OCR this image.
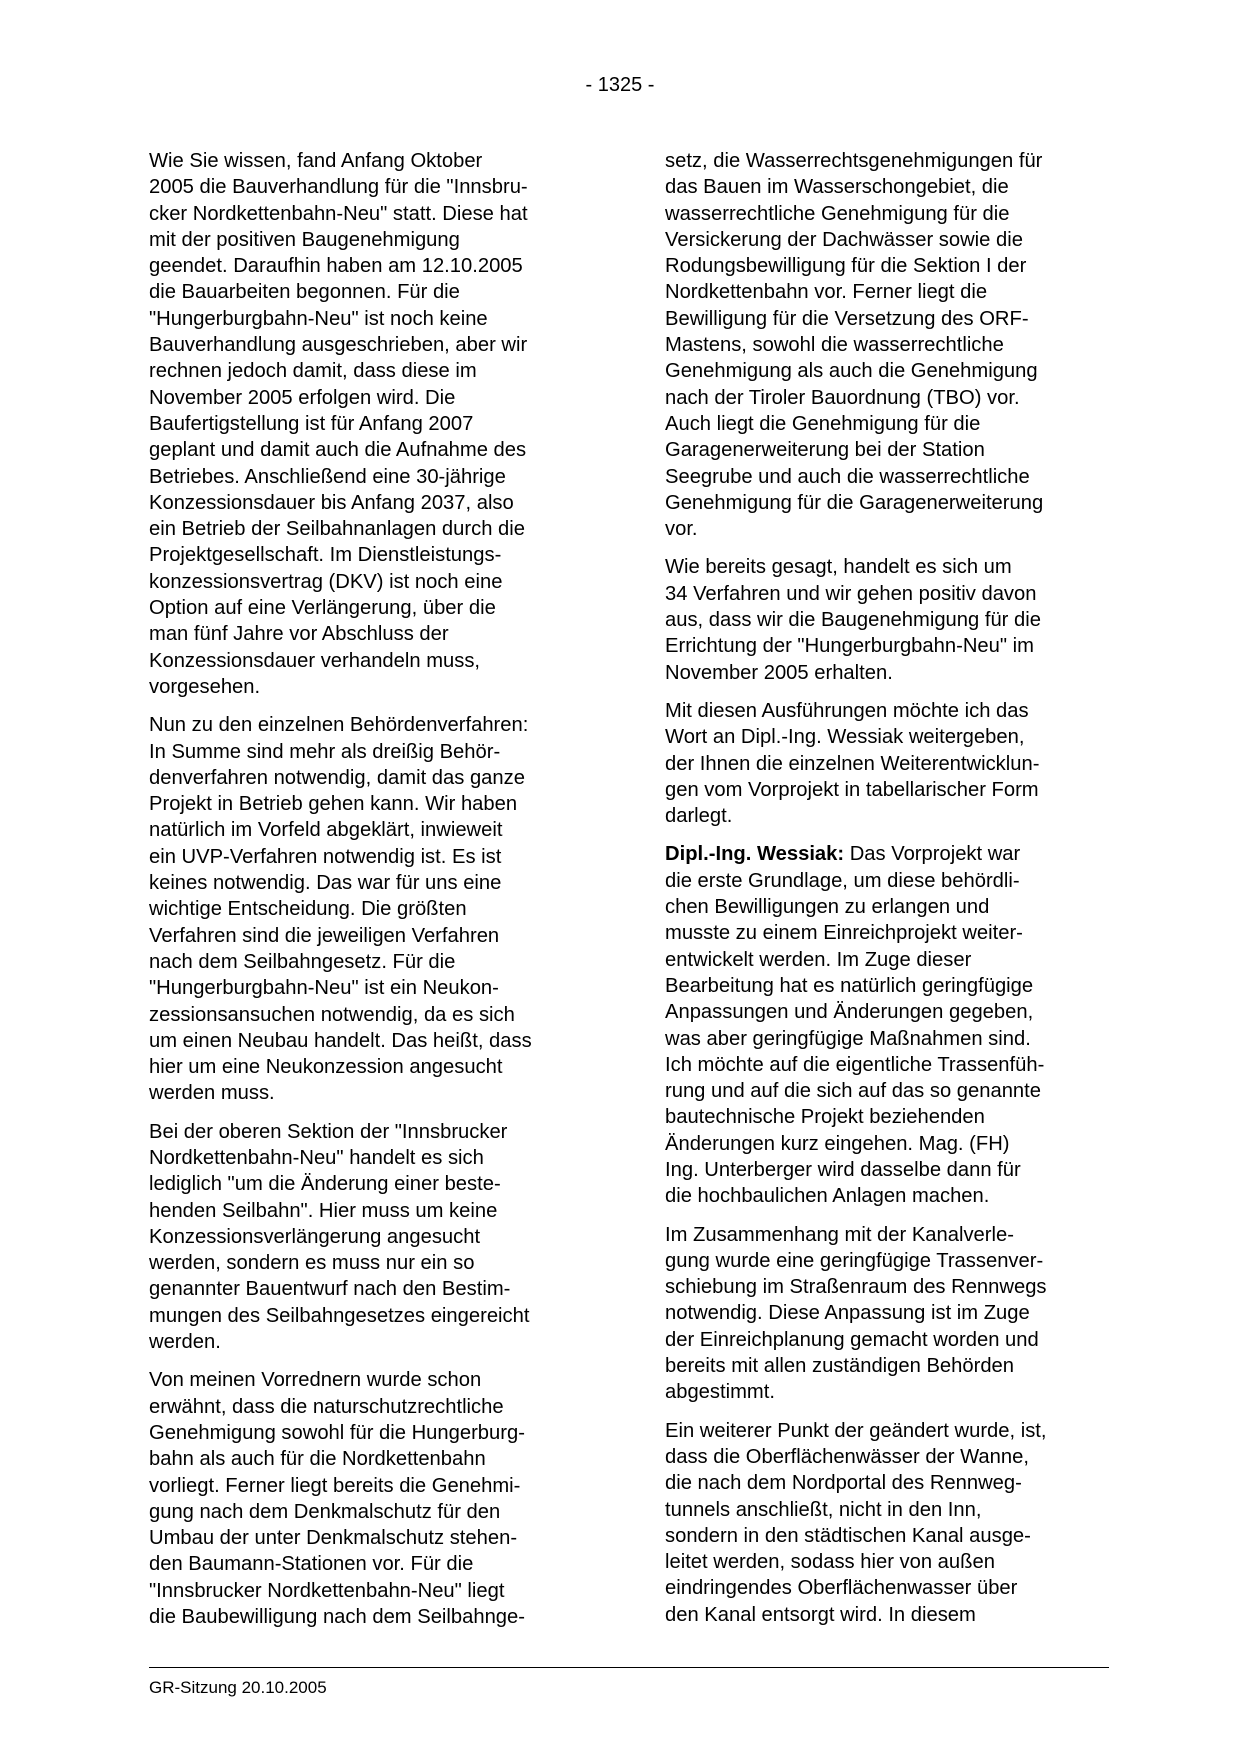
- 1325 -
Wie Sie wissen, fand Anfang Oktober
2005 die Bauverhandlung für die "Innsbru-
cker Nordkettenbahn-Neu" statt. Diese hat
mit der positiven Baugenehmigung
geendet. Daraufhin haben am 12.10.2005
die Bauarbeiten begonnen. Für die
"Hungerburgbahn-Neu" ist noch keine
Bauverhandlung ausgeschrieben, aber wir
rechnen jedoch damit, dass diese im
November 2005 erfolgen wird. Die
Baufertigstellung ist für Anfang 2007
geplant und damit auch die Aufnahme des
Betriebes. Anschließend eine 30-jährige
Konzessionsdauer bis Anfang 2037, also
ein Betrieb der Seilbahnanlagen durch die
Projektgesellschaft. Im Dienstleistungs-
konzessionsvertrag (DKV) ist noch eine
Option auf eine Verlängerung, über die
man fünf Jahre vor Abschluss der
Konzessionsdauer verhandeln muss,
vorgesehen.
Nun zu den einzelnen Behördenverfahren:
In Summe sind mehr als dreißig Behör-
denverfahren notwendig, damit das ganze
Projekt in Betrieb gehen kann. Wir haben
natürlich im Vorfeld abgeklärt, inwieweit
ein UVP-Verfahren notwendig ist. Es ist
keines notwendig. Das war für uns eine
wichtige Entscheidung. Die größten
Verfahren sind die jeweiligen Verfahren
nach dem Seilbahngesetz. Für die
"Hungerburgbahn-Neu" ist ein Neukon-
zessionsansuchen notwendig, da es sich
um einen Neubau handelt. Das heißt, dass
hier um eine Neukonzession angesucht
werden muss.
Bei der oberen Sektion der "Innsbrucker
Nordkettenbahn-Neu" handelt es sich
lediglich "um die Änderung einer beste-
henden Seilbahn". Hier muss um keine
Konzessionsverlängerung angesucht
werden, sondern es muss nur ein so
genannter Bauentwurf nach den Bestim-
mungen des Seilbahngesetzes eingereicht
werden.
Von meinen Vorrednern wurde schon
erwähnt, dass die naturschutzrechtliche
Genehmigung sowohl für die Hungerburg-
bahn als auch für die Nordkettenbahn
vorliegt. Ferner liegt bereits die Genehmi-
gung nach dem Denkmalschutz für den
Umbau der unter Denkmalschutz stehen-
den Baumann-Stationen vor. Für die
"Innsbrucker Nordkettenbahn-Neu" liegt
die Baubewilligung nach dem Seilbahnge-
setz, die Wasserrechtsgenehmigungen für
das Bauen im Wasserschongebiet, die
wasserrechtliche Genehmigung für die
Versickerung der Dachwässer sowie die
Rodungsbewilligung für die Sektion I der
Nordkettenbahn vor. Ferner liegt die
Bewilligung für die Versetzung des ORF-
Mastens, sowohl die wasserrechtliche
Genehmigung als auch die Genehmigung
nach der Tiroler Bauordnung (TBO) vor.
Auch liegt die Genehmigung für die
Garagenerweiterung bei der Station
Seegrube und auch die wasserrechtliche
Genehmigung für die Garagenerweiterung
vor.
Wie bereits gesagt, handelt es sich um
34 Verfahren und wir gehen positiv davon
aus, dass wir die Baugenehmigung für die
Errichtung der "Hungerburgbahn-Neu" im
November 2005 erhalten.
Mit diesen Ausführungen möchte ich das
Wort an Dipl.-Ing. Wessiak weitergeben,
der Ihnen die einzelnen Weiterentwicklun-
gen vom Vorprojekt in tabellarischer Form
darlegt.
Dipl.-Ing. Wessiak: Das Vorprojekt war
die erste Grundlage, um diese behördli-
chen Bewilligungen zu erlangen und
musste zu einem Einreichprojekt weiter-
entwickelt werden. Im Zuge dieser
Bearbeitung hat es natürlich geringfügige
Anpassungen und Änderungen gegeben,
was aber geringfügige Maßnahmen sind.
Ich möchte auf die eigentliche Trassenfüh-
rung und auf die sich auf das so genannte
bautechnische Projekt beziehenden
Änderungen kurz eingehen. Mag. (FH)
Ing. Unterberger wird dasselbe dann für
die hochbaulichen Anlagen machen.
Im Zusammenhang mit der Kanalverle-
gung wurde eine geringfügige Trassenver-
schiebung im Straßenraum des Rennwegs
notwendig. Diese Anpassung ist im Zuge
der Einreichplanung gemacht worden und
bereits mit allen zuständigen Behörden
abgestimmt.
Ein weiterer Punkt der geändert wurde, ist,
dass die Oberflächenwässer der Wanne,
die nach dem Nordportal des Rennweg-
tunnels anschließt, nicht in den Inn,
sondern in den städtischen Kanal ausge-
leitet werden, sodass hier von außen
eindringendes Oberflächenwasser über
den Kanal entsorgt wird. In diesem
GR-Sitzung 20.10.2005
